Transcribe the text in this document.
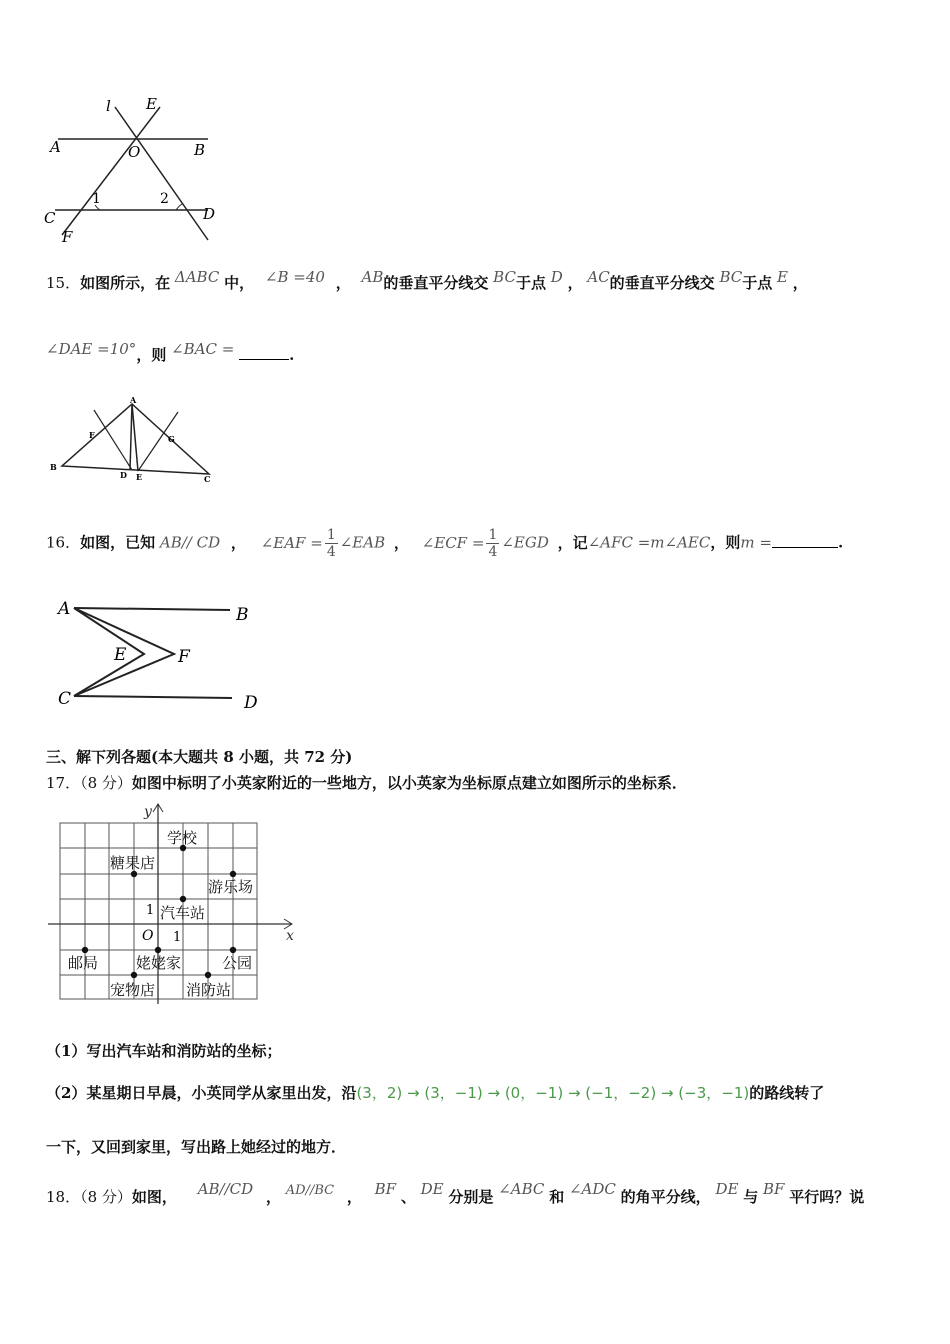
l E
A	O	B
C
1	2
D
F
15．如图所示，在 ΔABC 中， ∠B =40 ， AB的垂直平分线交 BC于点 D ， AC的垂直平分线交 BC于点 E ，
∠DAE =10°，则 ∠BAC =	.
A
F	G
B
D E	C
16．如图，已知 AB// CD ， ∠EAF = $\frac{1}{4}$ ∠EAB ， ∠ECF = $\frac{1}{4}$ ∠EGD ，记∠AFC =m∠AEC，则m =	.
A	B
E	F
C	D
三、解下列各题(本大题共 8 小题，共 72 分)
17．（8 分）如图中标明了小英家附近的一些地方，以小英家为坐标原点建立如图所示的坐标系．
x
y
O 1
1
学校
糖果店
游乐场
汽车站
邮局	姥姥家	公园
宠物店 消防站
（1）写出汽车站和消防站的坐标；
（2）某星期日早晨，小英同学从家里出发，沿(3，2) → (3，−1) → (0，−1) → (−1，−2) → (−3，−1)的路线转了
一下，又回到家里，写出路上她经过的地方．
18．（8 分）如图， AB//CD ， AD//BC ， BF 、 DE 分别是 ∠ABC 和 ∠ADC 的角平分线， DE 与 BF 平行吗？说
